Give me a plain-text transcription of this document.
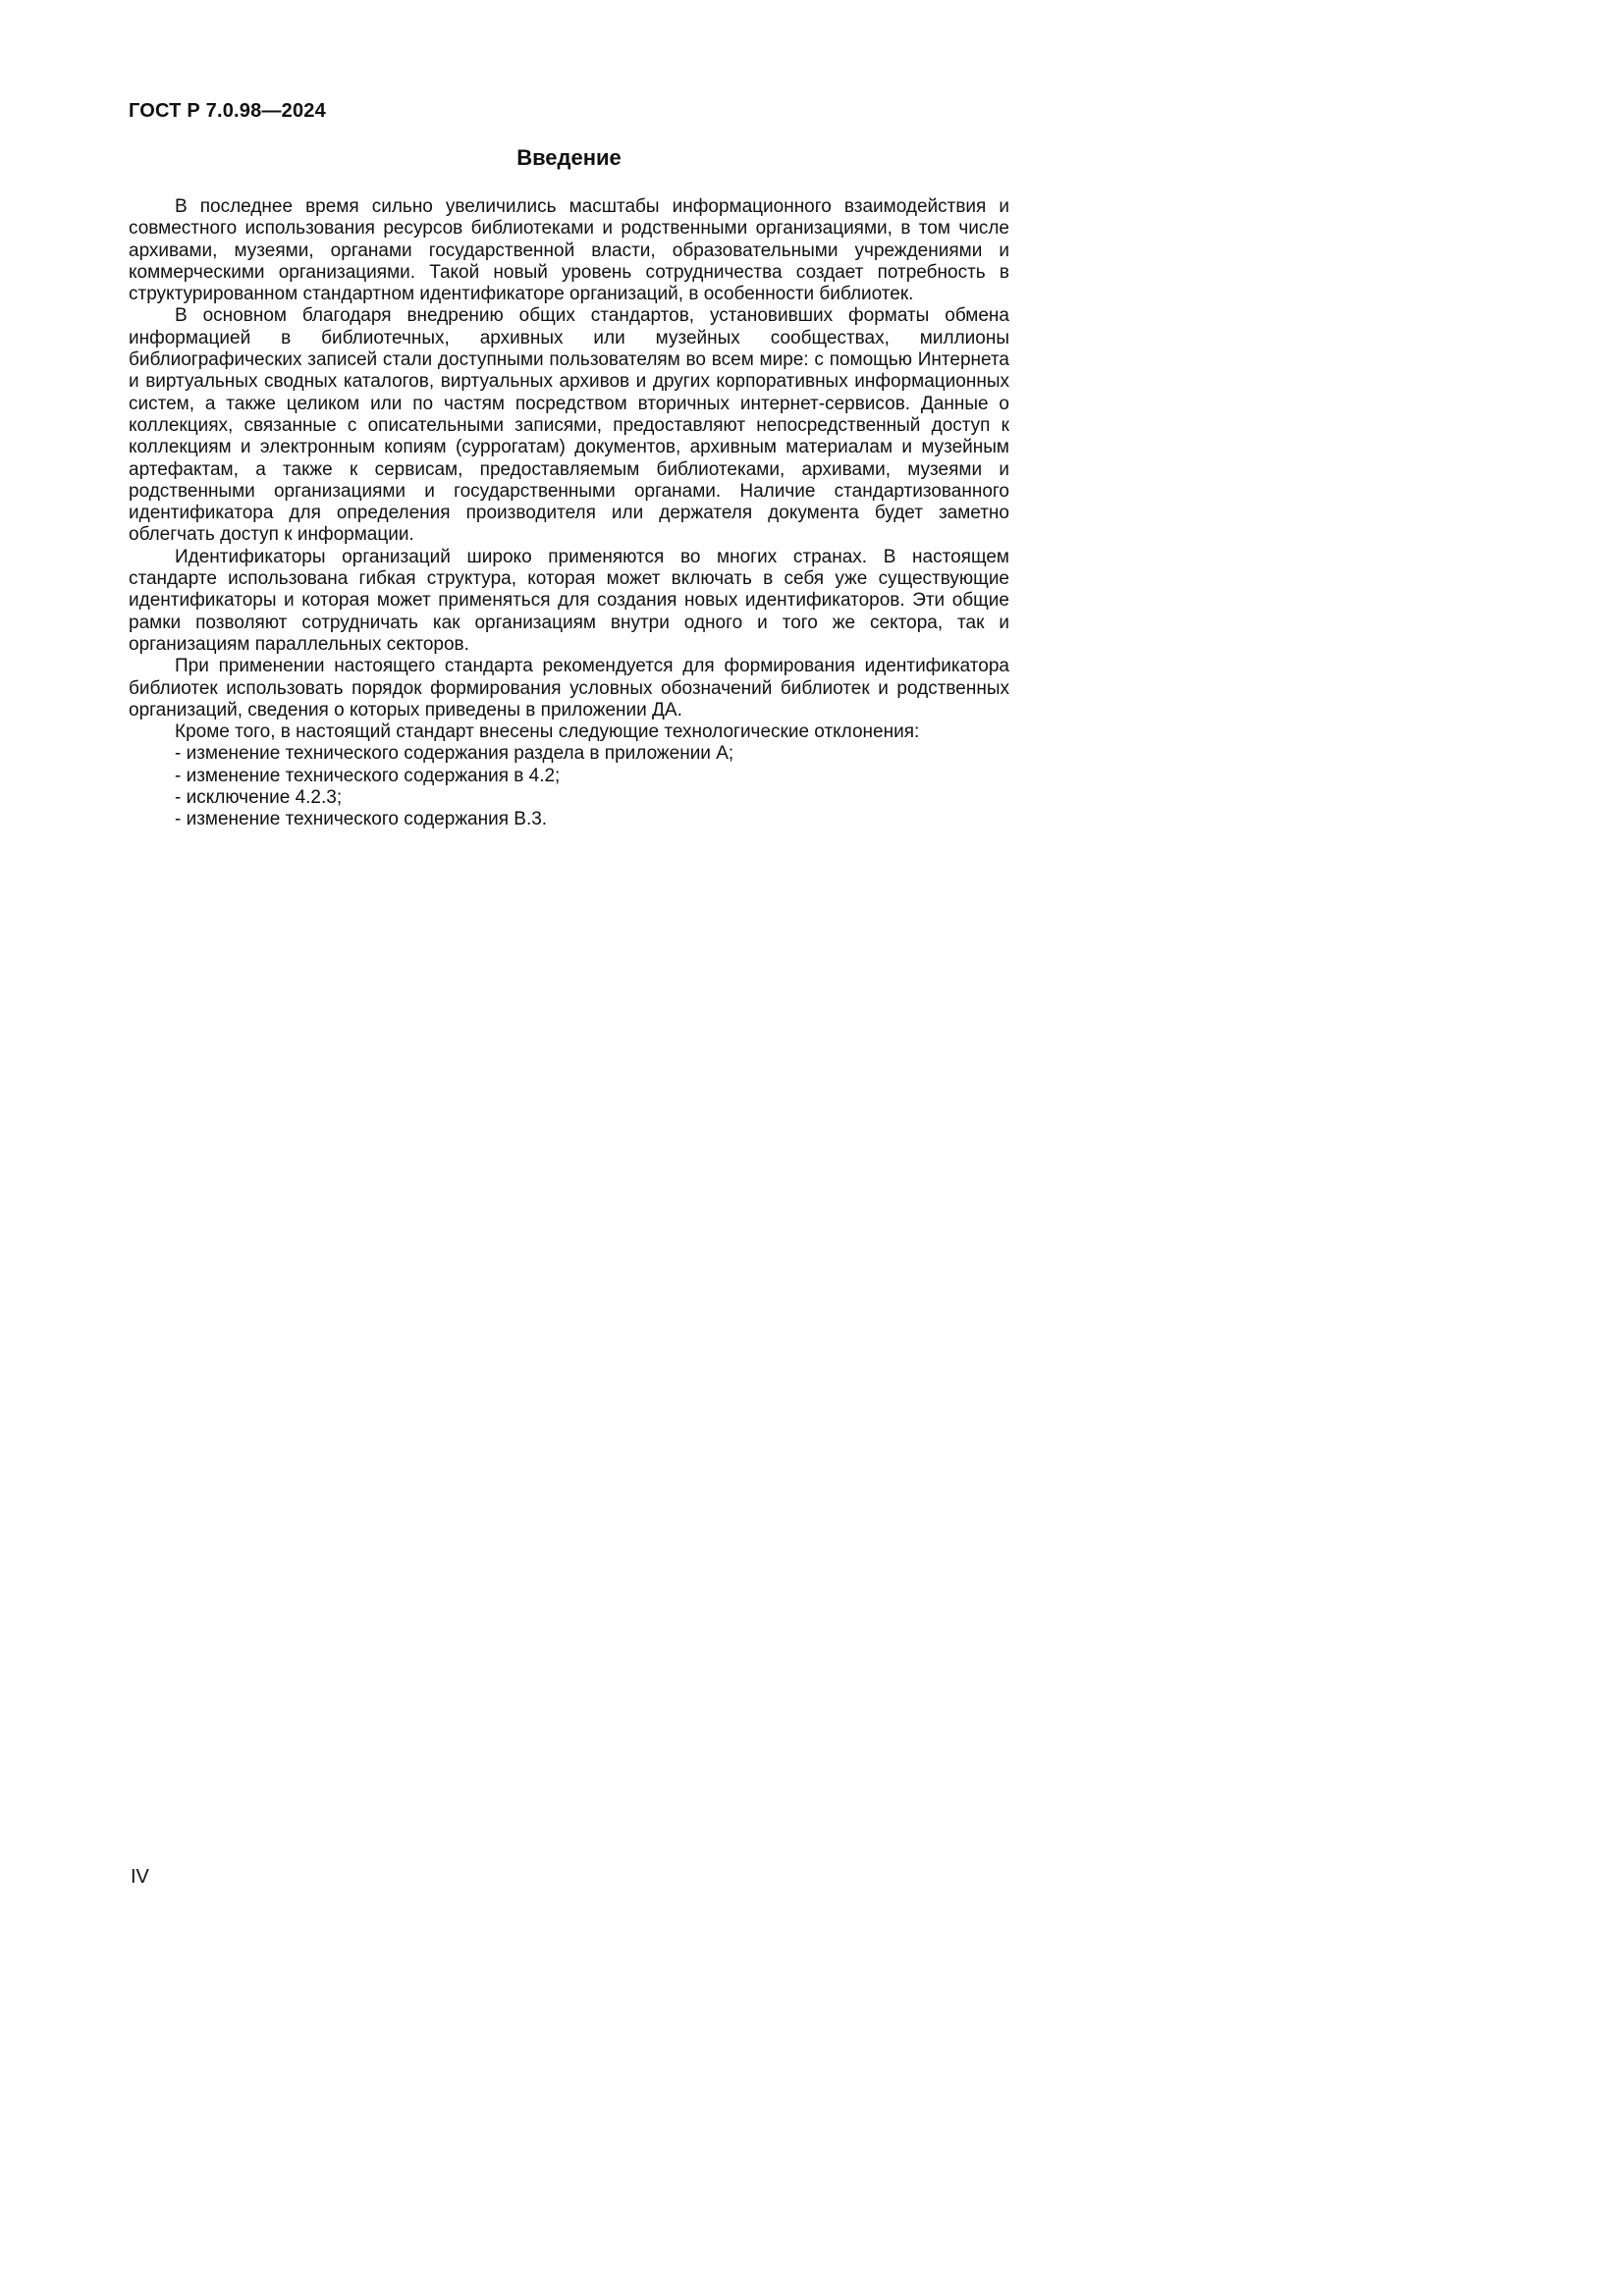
ГОСТ Р 7.0.98—2024
Введение

В последнее время сильно увеличились масштабы информационного взаимодействия и совместного использования ресурсов библиотеками и родственными организациями, в том числе архивами, музеями, органами государственной власти, образовательными учреждениями и коммерческими организациями. Такой новый уровень сотрудничества создает потребность в структурированном стандартном идентификаторе организаций, в особенности библиотек.

В основном благодаря внедрению общих стандартов, установивших форматы обмена информацией в библиотечных, архивных или музейных сообществах, миллионы библиографических записей стали доступными пользователям во всем мире: с помощью Интернета и виртуальных сводных каталогов, виртуальных архивов и других корпоративных информационных систем, а также целиком или по частям посредством вторичных интернет-сервисов. Данные о коллекциях, связанные с описательными записями, предоставляют непосредственный доступ к коллекциям и электронным копиям (суррогатам) документов, архивным материалам и музейным артефактам, а также к сервисам, предоставляемым библиотеками, архивами, музеями и родственными организациями и государственными органами. Наличие стандартизованного идентификатора для определения производителя или держателя документа будет заметно облегчать доступ к информации.

Идентификаторы организаций широко применяются во многих странах. В настоящем стандарте использована гибкая структура, которая может включать в себя уже существующие идентификаторы и которая может применяться для создания новых идентификаторов. Эти общие рамки позволяют сотрудничать как организациям внутри одного и того же сектора, так и организациям параллельных секторов.

При применении настоящего стандарта рекомендуется для формирования идентификатора библиотек использовать порядок формирования условных обозначений библиотек и родственных организаций, сведения о которых приведены в приложении ДА.

Кроме того, в настоящий стандарт внесены следующие технологические отклонения:

- изменение технического содержания раздела в приложении А;
- изменение технического содержания в 4.2;
- исключение 4.2.3;
- изменение технического содержания В.3.
IV
